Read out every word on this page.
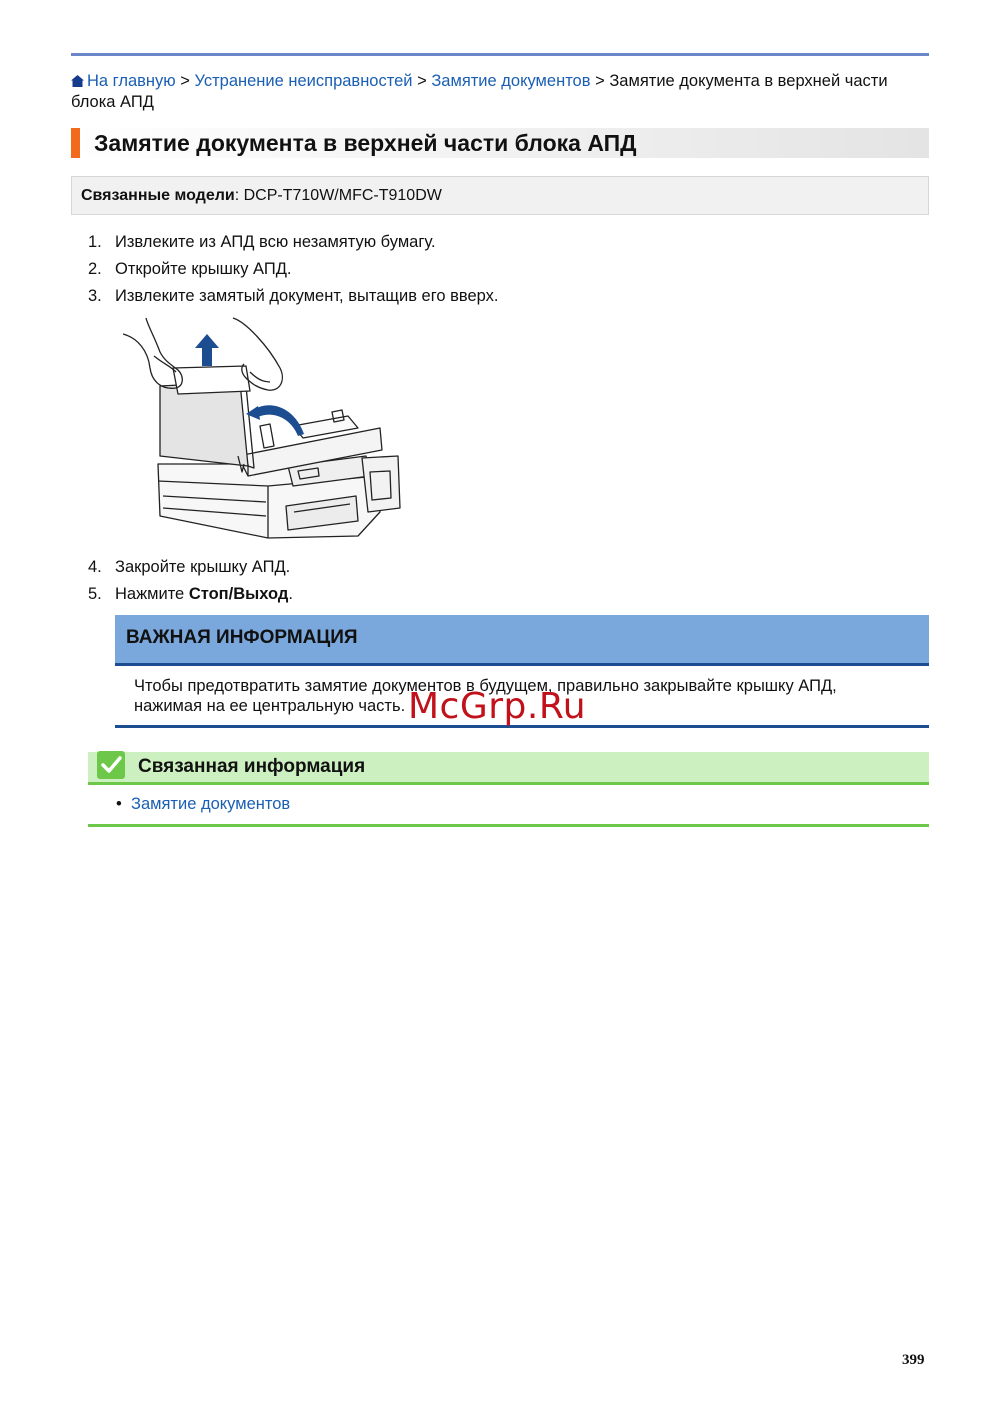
На главную > Устранение неисправностей > Замятие документов > Замятие документа в верхней части блока АПД
Замятие документа в верхней части блока АПД
Связанные модели: DCP-T710W/MFC-T910DW
1. Извлеките из АПД всю незамятую бумагу.
2. Откройте крышку АПД.
3. Извлеките замятый документ, вытащив его вверх.
4. Закройте крышку АПД.
5. Нажмите Стоп/Выход.
ВАЖНАЯ ИНФОРМАЦИЯ
Чтобы предотвратить замятие документов в будущем, правильно закрывайте крышку АПД,
нажимая на ее центральную часть. McGrp.Ru
Связанная информация
• Замятие документов
399
